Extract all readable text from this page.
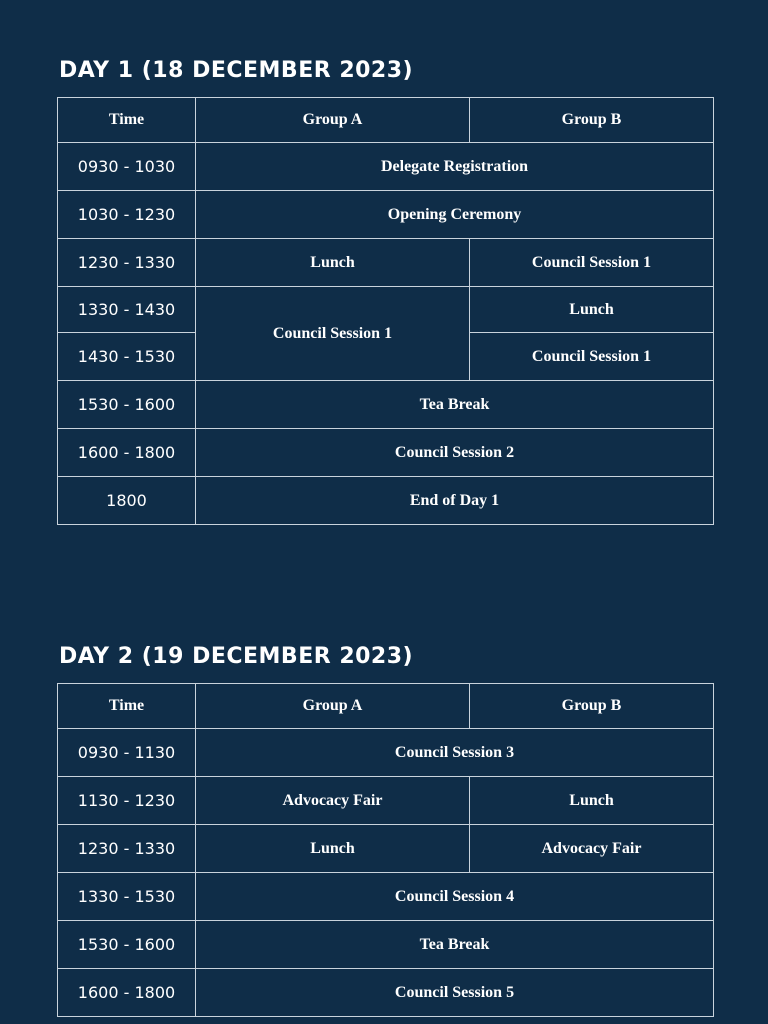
DAY 1 (18 DECEMBER 2023)
Time	Group A	Group B
0930 - 1030	Delegate Registration	
1030 - 1230	Opening Ceremony	
1230 - 1330	Lunch	Council Session 1
1330 - 1430	Council Session 1	Lunch
1430 - 1530		Council Session 1
1530 - 1600	Tea Break	
1600 - 1800	Council Session 2	
1800	End of Day 1	
DAY 2 (19 DECEMBER 2023)
Time	Group A	Group B
0930 - 1130	Council Session 3	
1130 - 1230	Advocacy Fair	Lunch
1230 - 1330	Lunch	Advocacy Fair
1330 - 1530	Council Session 4	
1530 - 1600	Tea Break	
1600 - 1800	Council Session 5	
